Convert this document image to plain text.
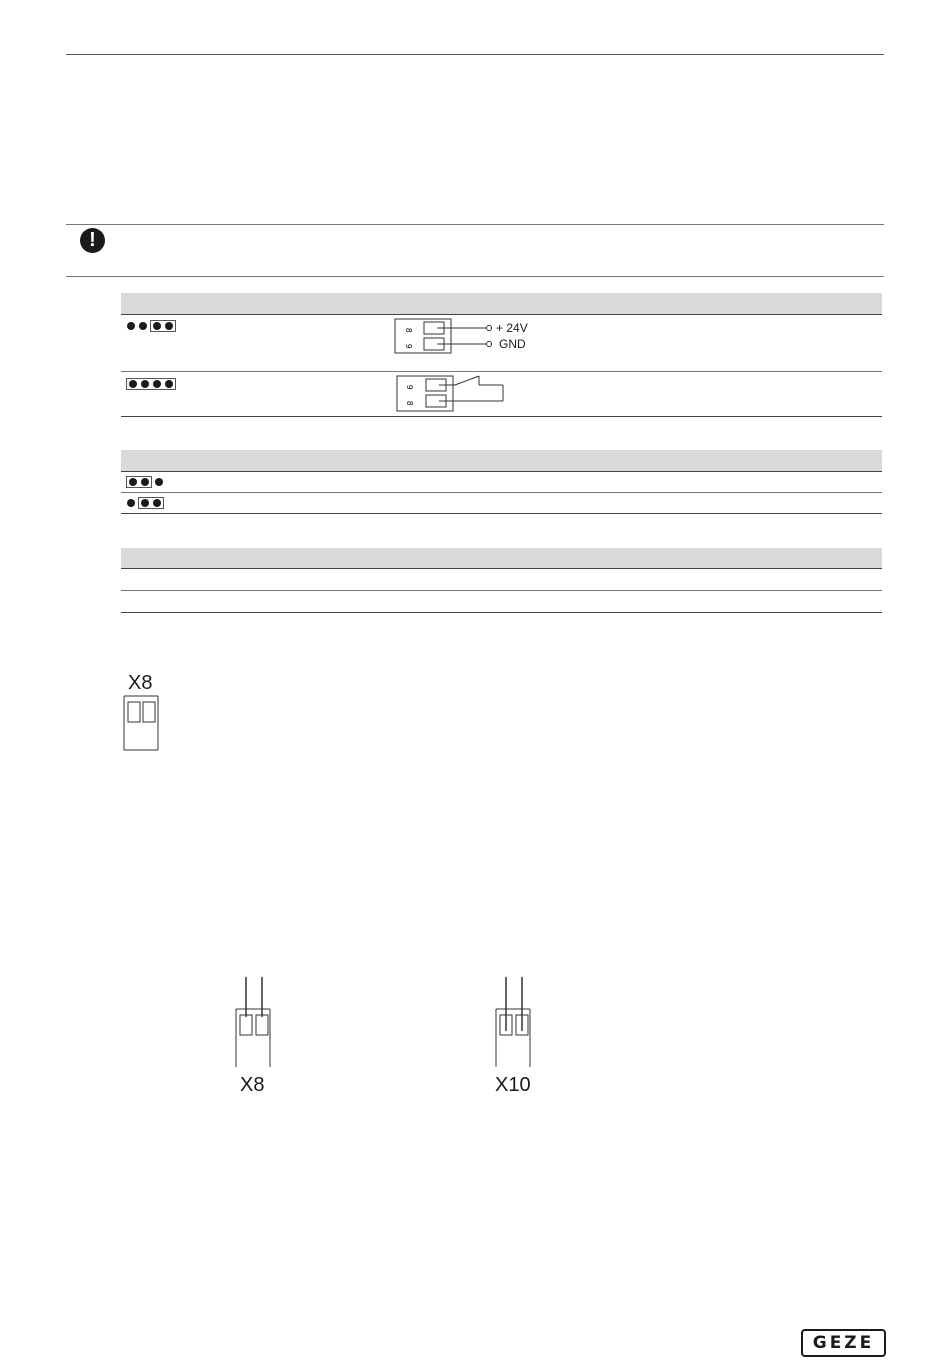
!
8
9
+ 24V
GND
9
8
X8
X8	X10
GEZE
